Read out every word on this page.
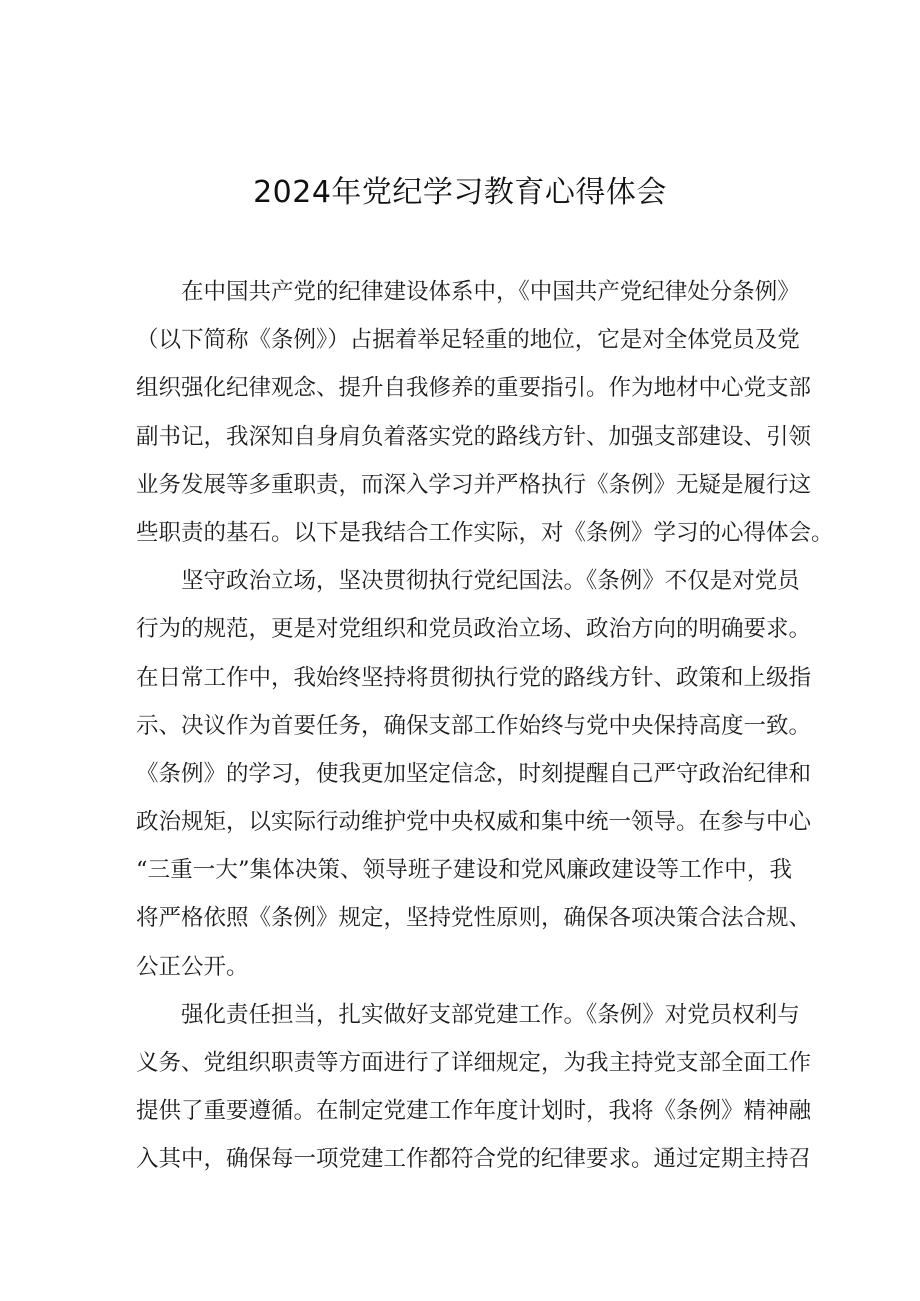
2024年党纪学习教育心得体会
在中国共产党的纪律建设体系中，《中国共产党纪律处分条例》
（以下简称《条例》）占据着举足轻重的地位，它是对全体党员及党
组织强化纪律观念、提升自我修养的重要指引。作为地材中心党支部
副书记，我深知自身肩负着落实党的路线方针、加强支部建设、引领
业务发展等多重职责，而深入学习并严格执行《条例》无疑是履行这
些职责的基石。以下是我结合工作实际，对《条例》学习的心得体会。
坚守政治立场，坚决贯彻执行党纪国法。《条例》不仅是对党员
行为的规范，更是对党组织和党员政治立场、政治方向的明确要求。
在日常工作中，我始终坚持将贯彻执行党的路线方针、政策和上级指
示、决议作为首要任务，确保支部工作始终与党中央保持高度一致。
《条例》的学习，使我更加坚定信念，时刻提醒自己严守政治纪律和
政治规矩，以实际行动维护党中央权威和集中统一领导。在参与中心
“三重一大”集体决策、领导班子建设和党风廉政建设等工作中，我
将严格依照《条例》规定，坚持党性原则，确保各项决策合法合规、
公正公开。
强化责任担当，扎实做好支部党建工作。《条例》对党员权利与
义务、党组织职责等方面进行了详细规定，为我主持党支部全面工作
提供了重要遵循。在制定党建工作年度计划时，我将《条例》精神融
入其中，确保每一项党建工作都符合党的纪律要求。通过定期主持召
